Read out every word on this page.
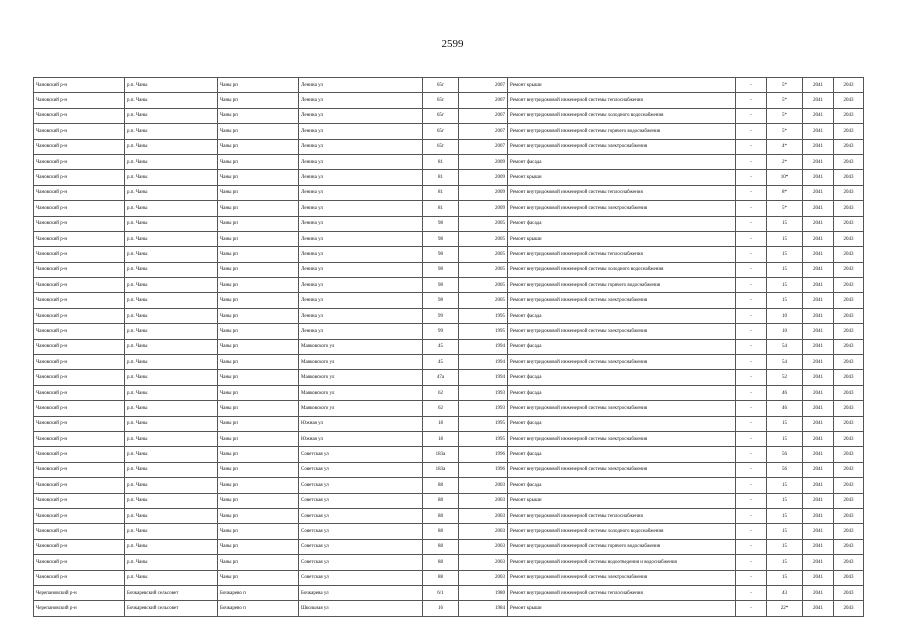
2599
Чановский р-н	р.п. Чаны	Чаны рп	Ленина ул	65г	2007	Ремонт крыши	-	5*	2041	2043
Чановский р-н	р.п. Чаны	Чаны рп	Ленина ул	65г	2007	Ремонт внутридомовой инженерной системы теплоснабжения	-	5*	2041	2043
Чановский р-н	р.п. Чаны	Чаны рп	Ленина ул	65г	2007	Ремонт внутридомовой инженерной системы холодного водоснабжения	-	5*	2041	2043
Чановский р-н	р.п. Чаны	Чаны рп	Ленина ул	65г	2007	Ремонт внутридомовой инженерной системы горячего водоснабжения	-	5*	2041	2043
Чановский р-н	р.п. Чаны	Чаны рп	Ленина ул	65г	2007	Ремонт внутридомовой инженерной системы электроснабжения	-	4*	2041	2043
Чановский р-н	р.п. Чаны	Чаны рп	Ленина ул	81	2009	Ремонт фасада	-	2*	2041	2043
Чановский р-н	р.п. Чаны	Чаны рп	Ленина ул	81	2009	Ремонт крыши	-	10*	2041	2043
Чановский р-н	р.п. Чаны	Чаны рп	Ленина ул	81	2009	Ремонт внутридомовой инженерной системы теплоснабжения	-	8*	2041	2043
Чановский р-н	р.п. Чаны	Чаны рп	Ленина ул	81	2009	Ремонт внутридомовой инженерной системы электроснабжения	-	5*	2041	2043
Чановский р-н	р.п. Чаны	Чаны рп	Ленина ул	98	2005	Ремонт фасада	-	15	2041	2043
Чановский р-н	р.п. Чаны	Чаны рп	Ленина ул	98	2005	Ремонт крыши	-	15	2041	2043
Чановский р-н	р.п. Чаны	Чаны рп	Ленина ул	98	2005	Ремонт внутридомовой инженерной системы теплоснабжения	-	15	2041	2043
Чановский р-н	р.п. Чаны	Чаны рп	Ленина ул	98	2005	Ремонт внутридомовой инженерной системы холодного водоснабжения	-	15	2041	2043
Чановский р-н	р.п. Чаны	Чаны рп	Ленина ул	98	2005	Ремонт внутридомовой инженерной системы горячего водоснабжения	-	15	2041	2043
Чановский р-н	р.п. Чаны	Чаны рп	Ленина ул	98	2005	Ремонт внутридомовой инженерной системы электроснабжения	-	15	2041	2043
Чановский р-н	р.п. Чаны	Чаны рп	Ленина ул	99	1995	Ремонт фасада	-	10	2041	2043
Чановский р-н	р.п. Чаны	Чаны рп	Ленина ул	99	1995	Ремонт внутридомовой инженерной системы электроснабжения	-	10	2041	2043
Чановский р-н	р.п. Чаны	Чаны рп	Маяковского ул	45	1994	Ремонт фасада	-	54	2041	2043
Чановский р-н	р.п. Чаны	Чаны рп	Маяковского ул	45	1994	Ремонт внутридомовой инженерной системы электроснабжения	-	54	2041	2043
Чановский р-н	р.п. Чаны	Чаны рп	Маяковского ул	47а	1994	Ремонт фасада	-	52	2041	2043
Чановский р-н	р.п. Чаны	Чаны рп	Маяковского ул	62	1993	Ремонт фасада	-	46	2041	2043
Чановский р-н	р.п. Чаны	Чаны рп	Маяковского ул	62	1993	Ремонт внутридомовой инженерной системы электроснабжения	-	46	2041	2043
Чановский р-н	р.п. Чаны	Чаны рп	Южная ул	18	1995	Ремонт фасада	-	15	2041	2043
Чановский р-н	р.п. Чаны	Чаны рп	Южная ул	18	1995	Ремонт внутридомовой инженерной системы электроснабжения	-	15	2041	2043
Чановский р-н	р.п. Чаны	Чаны рп	Советская ул	183а	1996	Ремонт фасада	-	56	2041	2043
Чановский р-н	р.п. Чаны	Чаны рп	Советская ул	183а	1996	Ремонт внутридомовой инженерной системы электроснабжения	-	56	2041	2043
Чановский р-н	р.п. Чаны	Чаны рп	Советская ул	88	2003	Ремонт фасада	-	15	2041	2043
Чановский р-н	р.п. Чаны	Чаны рп	Советская ул	88	2003	Ремонт крыши	-	15	2041	2043
Чановский р-н	р.п. Чаны	Чаны рп	Советская ул	88	2003	Ремонт внутридомовой инженерной системы теплоснабжения	-	15	2041	2043
Чановский р-н	р.п. Чаны	Чаны рп	Советская ул	88	2003	Ремонт внутридомовой инженерной системы холодного водоснабжения	-	15	2041	2043
Чановский р-н	р.п. Чаны	Чаны рп	Советская ул	88	2003	Ремонт внутридомовой инженерной системы горячего водоснабжения	-	15	2041	2043
Чановский р-н	р.п. Чаны	Чаны рп	Советская ул	88	2003	Ремонт внутридомовой инженерной системы водоотведения и водоснабжения	-	15	2041	2043
Чановский р-н	р.п. Чаны	Чаны рп	Советская ул	88	2003	Ремонт внутридомовой инженерной системы электроснабжения	-	15	2041	2043
Черепановский р-н	Бочкаревский сельсовет	Бочкарево п	Бочкарева ул	6/1	1980	Ремонт внутридомовой инженерной системы теплоснабжения	-	43	2041	2043
Черепановский р-н	Бочкаревский сельсовет	Бочкарево п	Школьная ул	16	1984	Ремонт крыши	-	22*	2041	2043
